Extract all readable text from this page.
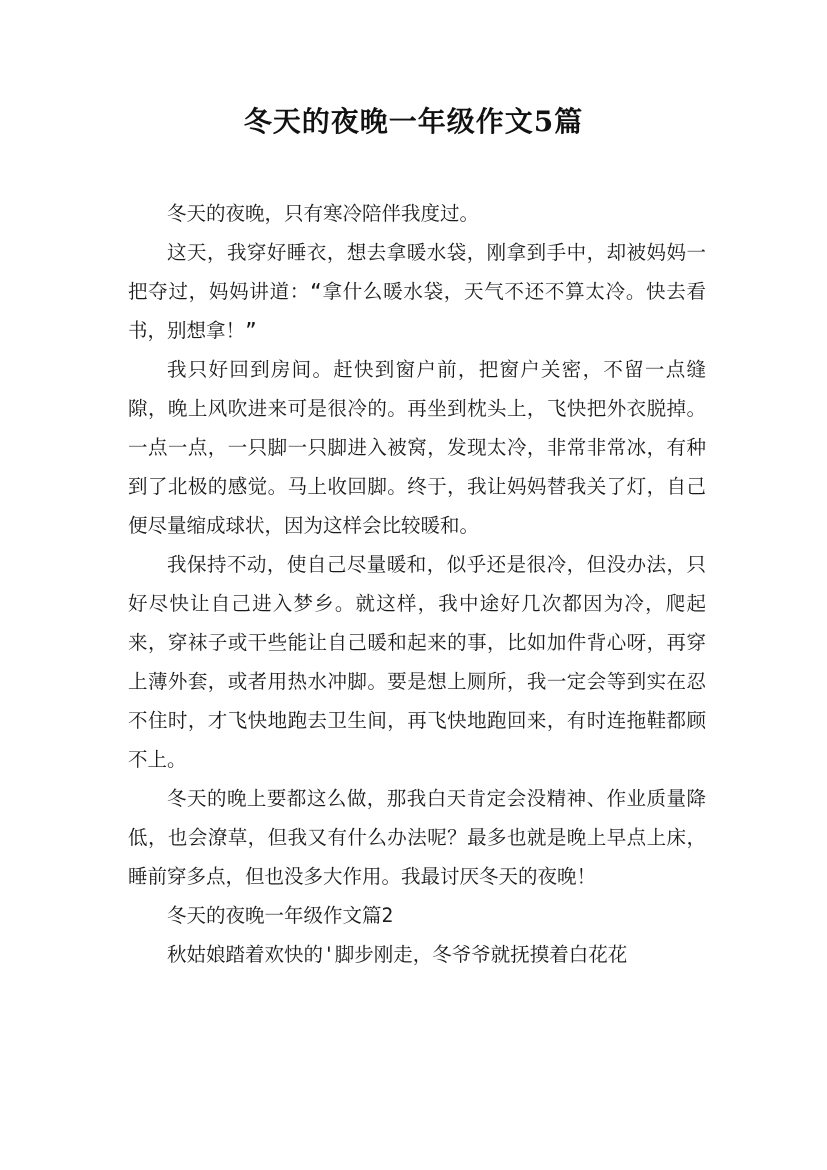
冬天的夜晚一年级作文5篇

冬天的夜晚，只有寒冷陪伴我度过。

这天，我穿好睡衣，想去拿暖水袋，刚拿到手中，却被妈妈一把夺过，妈妈讲道：“拿什么暖水袋，天气不还不算太冷。快去看书，别想拿！”

我只好回到房间。赶快到窗户前，把窗户关密，不留一点缝隙，晚上风吹进来可是很冷的。再坐到枕头上，飞快把外衣脱掉。一点一点，一只脚一只脚进入被窝，发现太冷，非常非常冰，有种到了北极的感觉。马上收回脚。终于，我让妈妈替我关了灯，自己便尽量缩成球状，因为这样会比较暖和。

我保持不动，使自己尽量暖和，似乎还是很冷，但没办法，只好尽快让自己进入梦乡。就这样，我中途好几次都因为冷，爬起来，穿袜子或干些能让自己暖和起来的事，比如加件背心呀，再穿上薄外套，或者用热水冲脚。要是想上厕所，我一定会等到实在忍不住时，才飞快地跑去卫生间，再飞快地跑回来，有时连拖鞋都顾不上。

冬天的晚上要都这么做，那我白天肯定会没精神、作业质量降低，也会潦草，但我又有什么办法呢？最多也就是晚上早点上床，睡前穿多点，但也没多大作用。我最讨厌冬天的夜晚！

冬天的夜晚一年级作文篇2

秋姑娘踏着欢快的'脚步刚走，冬爷爷就抚摸着白花花
